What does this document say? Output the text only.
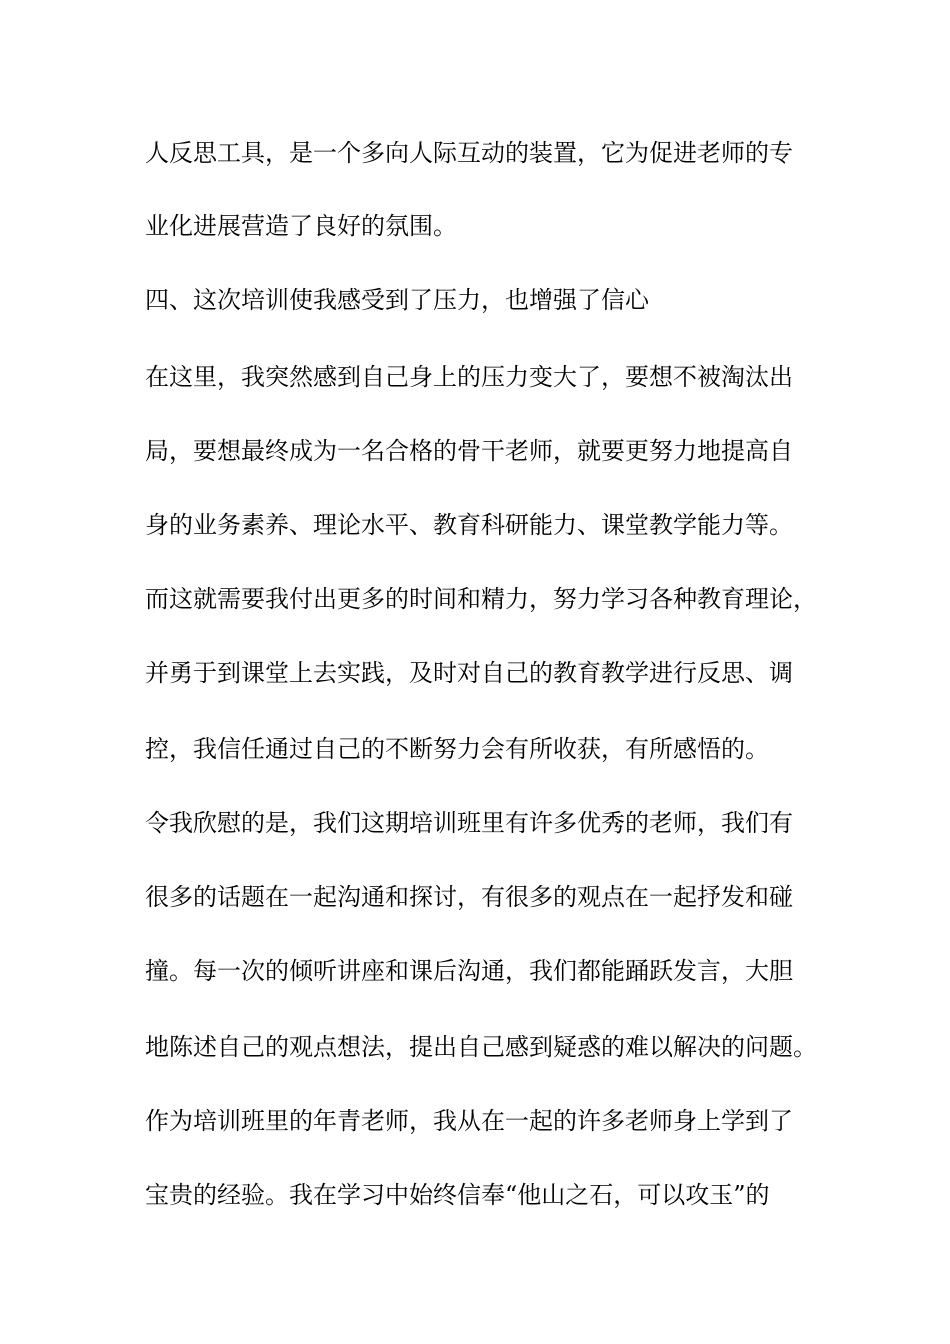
人反思工具，是一个多向人际互动的装置，它为促进老师的专
业化进展营造了良好的氛围。
四、这次培训使我感受到了压力，也增强了信心
在这里，我突然感到自己身上的压力变大了，要想不被淘汰出
局，要想最终成为一名合格的骨干老师，就要更努力地提高自
身的业务素养、理论水平、教育科研能力、课堂教学能力等。
而这就需要我付出更多的时间和精力，努力学习各种教育理论，
并勇于到课堂上去实践，及时对自己的教育教学进行反思、调
控，我信任通过自己的不断努力会有所收获，有所感悟的。
令我欣慰的是，我们这期培训班里有许多优秀的老师，我们有
很多的话题在一起沟通和探讨，有很多的观点在一起抒发和碰
撞。每一次的倾听讲座和课后沟通，我们都能踊跃发言，大胆
地陈述自己的观点想法，提出自己感到疑惑的难以解决的问题。
作为培训班里的年青老师，我从在一起的许多老师身上学到了
宝贵的经验。我在学习中始终信奉“他山之石，可以攻玉”的
